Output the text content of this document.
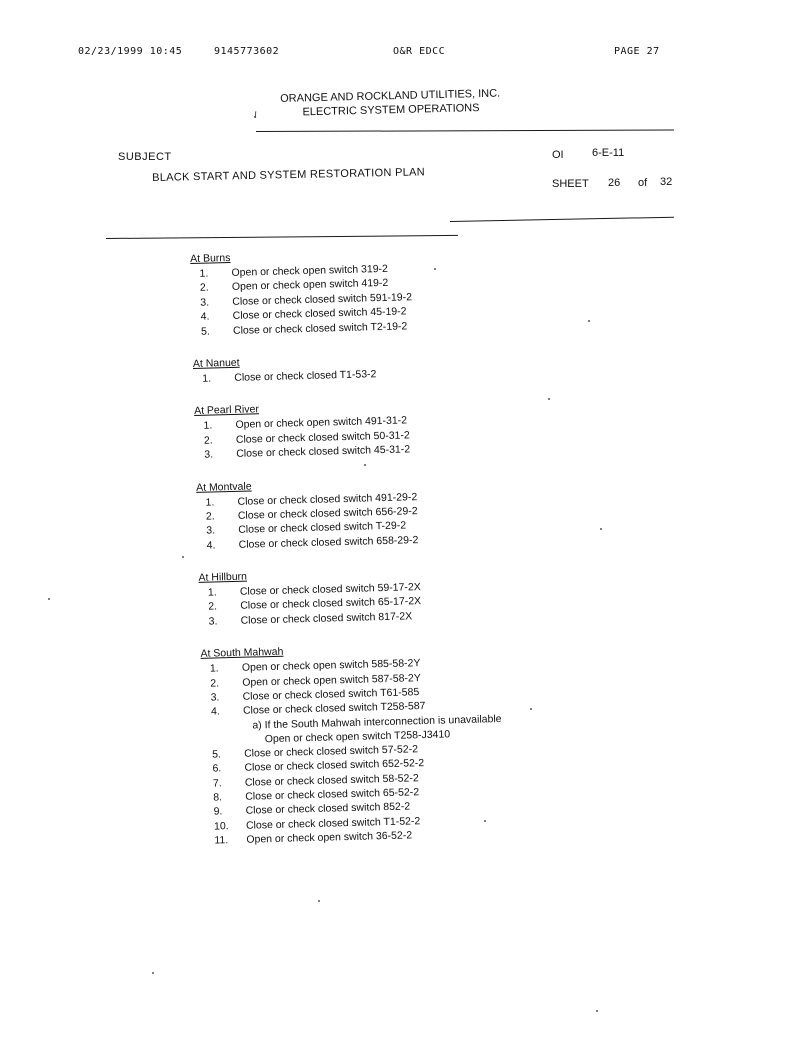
02/23/1999 10:45	9145773602	O&R EDCC	PAGE 27
✓
ORANGE AND ROCKLAND UTILITIES, INC.
ELECTRIC SYSTEM OPERATIONS
SUBJECT
BLACK START AND SYSTEM RESTORATION PLAN
OI	6-E-11
SHEET 26 of 32
At Burns
1. Open or check open switch 319-2
2. Open or check open switch 419-2
3. Close or check closed switch 591-19-2
4. Close or check closed switch 45-19-2
5. Close or check closed switch T2-19-2
At Nanuet
1. Close or check closed T1-53-2
At Pearl River
1. Open or check open switch 491-31-2
2. Close or check closed switch 50-31-2
3. Close or check closed switch 45-31-2
At Montvale
1. Close or check closed switch 491-29-2
2. Close or check closed switch 656-29-2
3. Close or check closed switch T-29-2
4. Close or check closed switch 658-29-2
At Hillburn
1. Close or check closed switch 59-17-2X
2. Close or check closed switch 65-17-2X
3. Close or check closed switch 817-2X
At South Mahwah
1. Open or check open switch 585-58-2Y
2. Open or check open switch 587-58-2Y
3. Close or check closed switch T61-585
4. Close or check closed switch T258-587
a) If the South Mahwah interconnection is unavailable
Open or check open switch T258-J3410
5. Close or check closed switch 57-52-2
6. Close or check closed switch 652-52-2
7. Close or check closed switch 58-52-2
8. Close or check closed switch 65-52-2
9. Close or check closed switch 852-2
10. Close or check closed switch T1-52-2
11. Open or check open switch 36-52-2
